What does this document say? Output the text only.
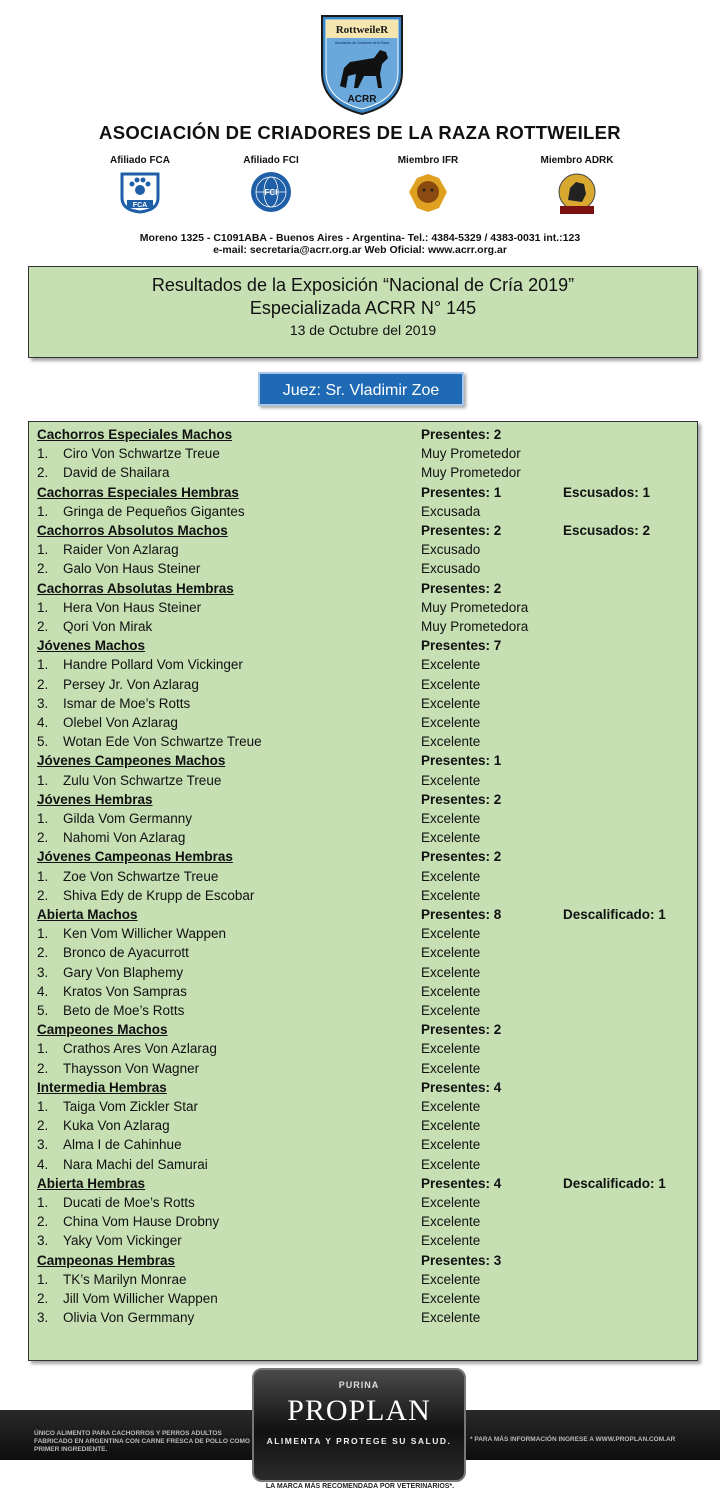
RottweileR
Asociación de Criadores de la Raza
ACRR
ASOCIACIÓN DE CRIADORES DE LA RAZA ROTTWEILER
Afiliado FCA
FCA
Afiliado FCI
FCI
Miembro IFR	Miembro ADRK
Moreno 1325 - C1091ABA - Buenos Aires - Argentina- Tel.: 4384-5329 / 4383-0031 int.:123
e-mail: secretaria@acrr.org.ar Web Oficial: www.acrr.org.ar
Resultados de la Exposición “Nacional de Cría 2019”
Especializada ACRR N° 145
13 de Octubre del 2019
Juez: Sr. Vladimir Zoe
Cachorros Especiales Machos	Presentes: 2
1. Ciro Von Schwartze Treue	Muy Prometedor
2. David de Shailara	Muy Prometedor
Cachorras Especiales Hembras	Presentes: 1	Escusados: 1
1. Gringa de Pequeños Gigantes	Excusada
Cachorros Absolutos Machos	Presentes: 2	Escusados: 2
1. Raider Von Azlarag	Excusado
2. Galo Von Haus Steiner	Excusado
Cachorras Absolutas Hembras	Presentes: 2
1. Hera Von Haus Steiner	Muy Prometedora
2. Qori Von Mirak	Muy Prometedora
Jóvenes Machos	Presentes: 7
1. Handre Pollard Vom Vickinger	Excelente
2. Persey Jr. Von Azlarag	Excelente
3. Ismar de Moe’s Rotts	Excelente
4. Olebel Von Azlarag	Excelente
5. Wotan Ede Von Schwartze Treue	Excelente
Jóvenes Campeones Machos	Presentes: 1
1. Zulu Von Schwartze Treue	Excelente
Jóvenes Hembras	Presentes: 2
1. Gilda Vom Germanny	Excelente
2. Nahomi Von Azlarag	Excelente
Jóvenes Campeonas Hembras	Presentes: 2
1. Zoe Von Schwartze Treue	Excelente
2. Shiva Edy de Krupp de Escobar	Excelente
Abierta Machos	Presentes: 8	Descalificado: 1
1. Ken Vom Willicher Wappen	Excelente
2. Bronco de Ayacurrott	Excelente
3. Gary Von Blaphemy	Excelente
4. Kratos Von Sampras	Excelente
5. Beto de Moe’s Rotts	Excelente
Campeones Machos	Presentes: 2
1. Crathos Ares Von Azlarag	Excelente
2. Thaysson Von Wagner	Excelente
Intermedia Hembras	Presentes: 4
1. Taiga Vom Zickler Star	Excelente
2. Kuka Von Azlarag	Excelente
3. Alma I de Cahinhue	Excelente
4. Nara Machi del Samurai	Excelente
Abierta Hembras	Presentes: 4	Descalificado: 1
1. Ducati de Moe’s Rotts	Excelente
2. China Vom Hause Drobny	Excelente
3. Yaky Vom Vickinger	Excelente
Campeonas Hembras	Presentes: 3
1. TK’s Marilyn Monrae	Excelente
2. Jill Vom Willicher Wappen	Excelente
3. Olivia Von Germmany	Excelente
ÚNICO ALIMENTO PARA CACHORROS Y PERROS ADULTOS FABRICADO EN ARGENTINA CON CARNE FRESCA DE POLLO COMO PRIMER INGREDIENTE.
* PARA MÁS INFORMACIÓN INGRESE A WWW.PROPLAN.COM.AR
PURINA
PROPLAN
ALIMENTA Y PROTEGE SU SALUD.
LA MARCA MÁS RECOMENDADA POR VETERINARIOS*.
